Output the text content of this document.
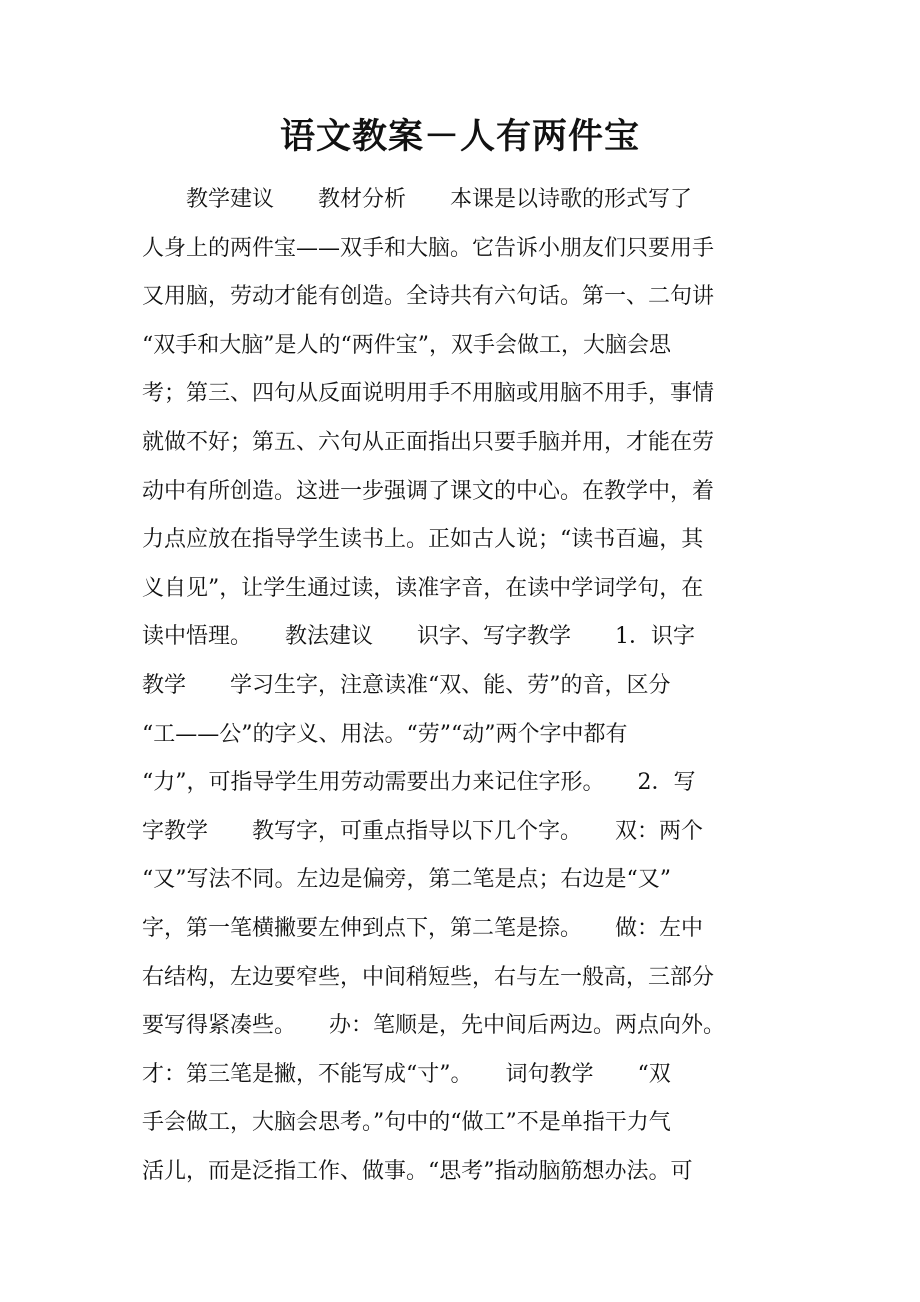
语文教案－人有两件宝
　　教学建议　　教材分析　　本课是以诗歌的形式写了
人身上的两件宝——双手和大脑。它告诉小朋友们只要用手
又用脑，劳动才能有创造。全诗共有六句话。第一、二句讲
“双手和大脑”是人的“两件宝”，双手会做工，大脑会思
考；第三、四句从反面说明用手不用脑或用脑不用手，事情
就做不好；第五、六句从正面指出只要手脑并用，才能在劳
动中有所创造。这进一步强调了课文的中心。在教学中，着
力点应放在指导学生读书上。正如古人说；“读书百遍，其
义自见”，让学生通过读，读准字音，在读中学词学句，在
读中悟理。　　教法建议　　识字、写字教学　　1．识字
教学　　学习生字，注意读准“双、能、劳”的音，区分
“工——公”的字义、用法。“劳”“动”两个字中都有
“力”，可指导学生用劳动需要出力来记住字形。　　2．写
字教学　　教写字，可重点指导以下几个字。　　双：两个
“又”写法不同。左边是偏旁，第二笔是点；右边是“又”
字，第一笔横撇要左伸到点下，第二笔是捺。　　做：左中
右结构，左边要窄些，中间稍短些，右与左一般高，三部分
要写得紧凑些。　　办：笔顺是，先中间后两边。两点向外。
才：第三笔是撇，不能写成“寸”。　　词句教学　　“双
手会做工，大脑会思考。”句中的“做工”不是单指干力气
活儿，而是泛指工作、做事。“思考”指动脑筋想办法。可
